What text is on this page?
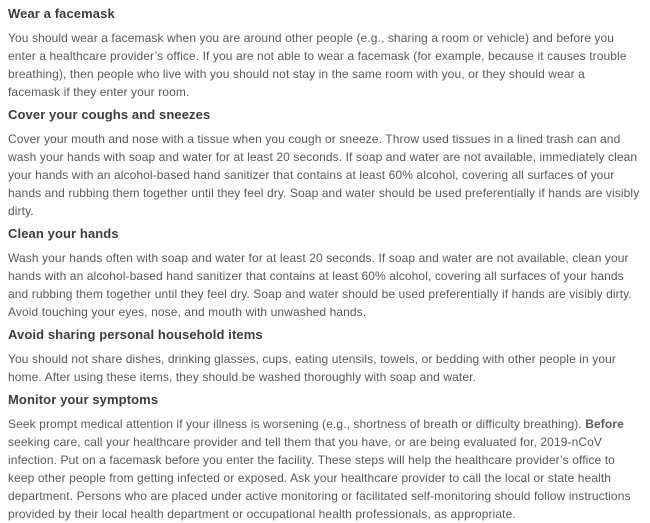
Wear a facemask

You should wear a facemask when you are around other people (e.g., sharing a room or vehicle) and before you enter a healthcare provider’s office. If you are not able to wear a facemask (for example, because it causes trouble breathing), then people who live with you should not stay in the same room with you, or they should wear a facemask if they enter your room.

Cover your coughs and sneezes

Cover your mouth and nose with a tissue when you cough or sneeze. Throw used tissues in a lined trash can and wash your hands with soap and water for at least 20 seconds. If soap and water are not available, immediately clean your hands with an alcohol-based hand sanitizer that contains at least 60% alcohol, covering all surfaces of your hands and rubbing them together until they feel dry. Soap and water should be used preferentially if hands are visibly dirty.

Clean your hands

Wash your hands often with soap and water for at least 20 seconds. If soap and water are not available, clean your hands with an alcohol-based hand sanitizer that contains at least 60% alcohol, covering all surfaces of your hands and rubbing them together until they feel dry. Soap and water should be used preferentially if hands are visibly dirty. Avoid touching your eyes, nose, and mouth with unwashed hands.

Avoid sharing personal household items

You should not share dishes, drinking glasses, cups, eating utensils, towels, or bedding with other people in your home. After using these items, they should be washed thoroughly with soap and water.

Monitor your symptoms

Seek prompt medical attention if your illness is worsening (e.g., shortness of breath or difficulty breathing). Before seeking care, call your healthcare provider and tell them that you have, or are being evaluated for, 2019-nCoV infection. Put on a facemask before you enter the facility. These steps will help the healthcare provider’s office to keep other people from getting infected or exposed. Ask your healthcare provider to call the local or state health department. Persons who are placed under active monitoring or facilitated self-monitoring should follow instructions provided by their local health department or occupational health professionals, as appropriate.
